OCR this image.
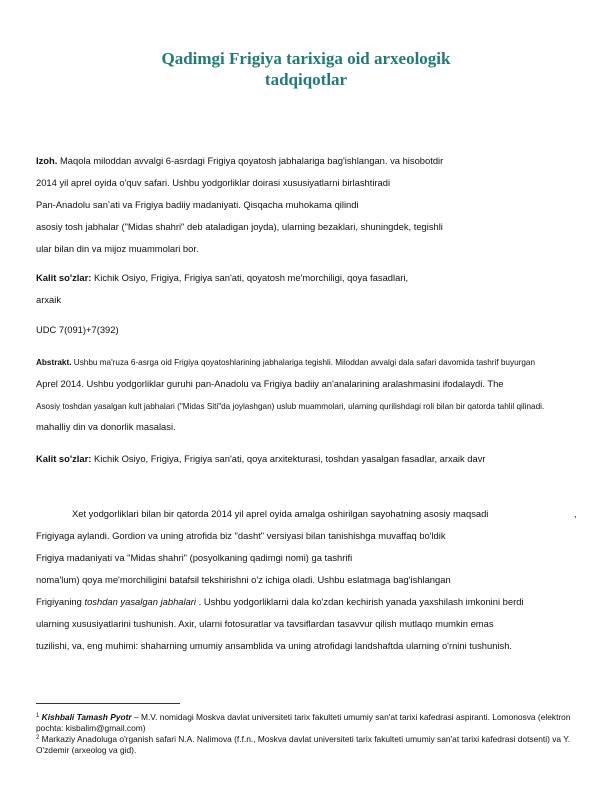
Qadimgi Frigiya tarixiga oid arxeologik
tadqiqotlar
Izoh. Maqola miloddan avvalgi 6-asrdagi Frigiya qoyatosh jabhalariga bag'ishlangan. va hisobotdir
2014 yil aprel oyida o'quv safari. Ushbu yodgorliklar doirasi xususiyatlarni birlashtiradi
Pan-Anadolu sanʼati va Frigiya badiiy madaniyati. Qisqacha muhokama qilindi
asosiy tosh jabhalar ("Midas shahri" deb ataladigan joyda), ularning bezaklari, shuningdek, tegishli
ular bilan din va mijoz muammolari bor.
Kalit so'zlar: Kichik Osiyo, Frigiya, Frigiya san'ati, qoyatosh me'morchiligi, qoya fasadlari,
arxaik
UDC 7(091)+7(392)
Abstrakt. Ushbu ma'ruza 6-asrga oid Frigiya qoyatoshlarining jabhalariga tegishli. Miloddan avvalgi dala safari davomida tashrif buyurgan
Aprel 2014. Ushbu yodgorliklar guruhi pan-Anadolu va Frigiya badiiy an'analarining aralashmasini ifodalaydi. The
Asosiy toshdan yasalgan kult jabhalari ("Midas Siti"da joylashgan) uslub muammolari, ularning qurilishdagi roli bilan bir qatorda tahlil qilinadi.
mahalliy din va donorlik masalasi.
Kalit so'zlar: Kichik Osiyo, Frigiya, Frigiya san'ati, qoya arxitekturasi, toshdan yasalgan fasadlar, arxaik davr
Xet yodgorliklari bilan bir qatorda 2014 yil aprel oyida amalga oshirilgan sayohatning asosiy maqsadi	,
Frigiyaga aylandi. Gordion va uning atrofida biz "dasht" versiyasi bilan tanishishga muvaffaq bo'ldik
Frigiya madaniyati va "Midas shahri" (posyolkaning qadimgi nomi) ga tashrifi
noma'lum) qoya me'morchiligini batafsil tekshirishni o'z ichiga oladi. Ushbu eslatmaga bag'ishlangan
Frigiyaning toshdan yasalgan jabhalari . Ushbu yodgorliklarni dala ko'zdan kechirish yanada yaxshilash imkonini berdi
ularning xususiyatlarini tushunish. Axir, ularni fotosuratlar va tavsiflardan tasavvur qilish mutlaqo mumkin emas
tuzilishi, va, eng muhimi: shaharning umumiy ansamblida va uning atrofidagi landshaftda ularning o'rnini tushunish.
$^1$ Kishbali Tamash Pyotr – M.V. nomidagi Moskva davlat universiteti tarix fakulteti umumiy san'at tarixi kafedrasi aspiranti. Lomonosva (elektron pochta: kisbalim@gmail.com)
$^2$ Markaziy Anadoluga o'rganish safari N.A. Nalimova (f.f.n., Moskva davlat universiteti tarix fakulteti umumiy san'at tarixi kafedrasi dotsenti) va Y. O'zdemir (arxeolog va gid).
